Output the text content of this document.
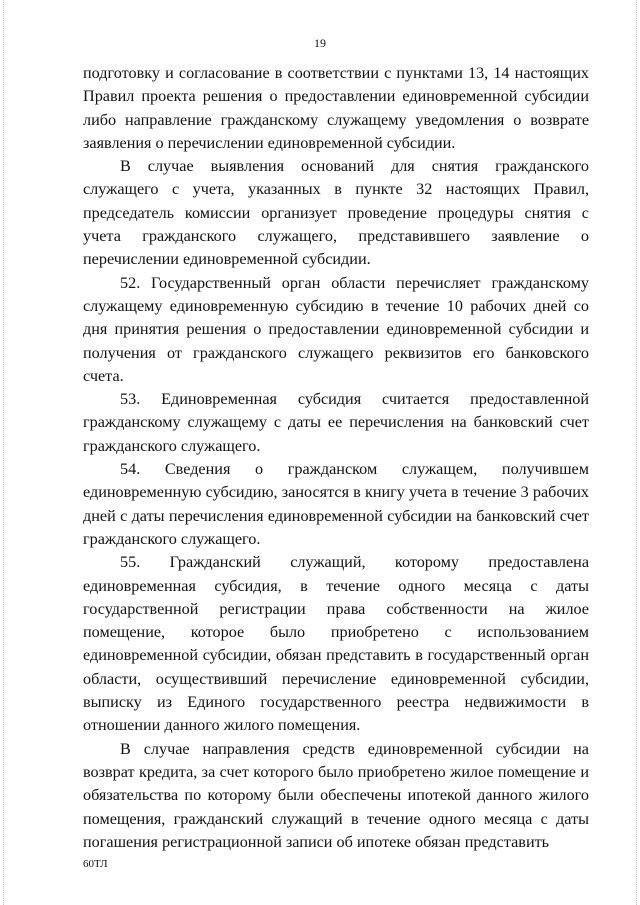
19

подготовку и согласование в соответствии с пунктами 13, 14 настоящих Правил проекта решения о предоставлении единовременной субсидии либо направление гражданскому служащему уведомления о возврате заявления о перечислении единовременной субсидии.

В случае выявления оснований для снятия гражданского служащего с учета, указанных в пункте 32 настоящих Правил, председатель комиссии организует проведение процедуры снятия с учета гражданского служащего, представившего заявление о перечислении единовременной субсидии.

52. Государственный орган области перечисляет гражданскому служащему единовременную субсидию в течение 10 рабочих дней со дня принятия решения о предоставлении единовременной субсидии и получения от гражданского служащего реквизитов его банковского счета.

53. Единовременная субсидия считается предоставленной гражданскому служащему с даты ее перечисления на банковский счет гражданского служащего.

54. Сведения о гражданском служащем, получившем единовременную субсидию, заносятся в книгу учета в течение 3 рабочих дней с даты перечисления единовременной субсидии на банковский счет гражданского служащего.

55. Гражданский служащий, которому предоставлена единовременная субсидия, в течение одного месяца с даты государственной регистрации права собственности на жилое помещение, которое было приобретено с использованием единовременной субсидии, обязан представить в государственный орган области, осуществивший перечисление единовременной субсидии, выписку из Единого государственного реестра недвижимости в отношении данного жилого помещения.

В случае направления средств единовременной субсидии на возврат кредита, за счет которого было приобретено жилое помещение и обязательства по которому были обеспечены ипотекой данного жилого помещения, гражданский служащий в течение одного месяца с даты погашения регистрационной записи об ипотеке обязан представить

60ТЛ
